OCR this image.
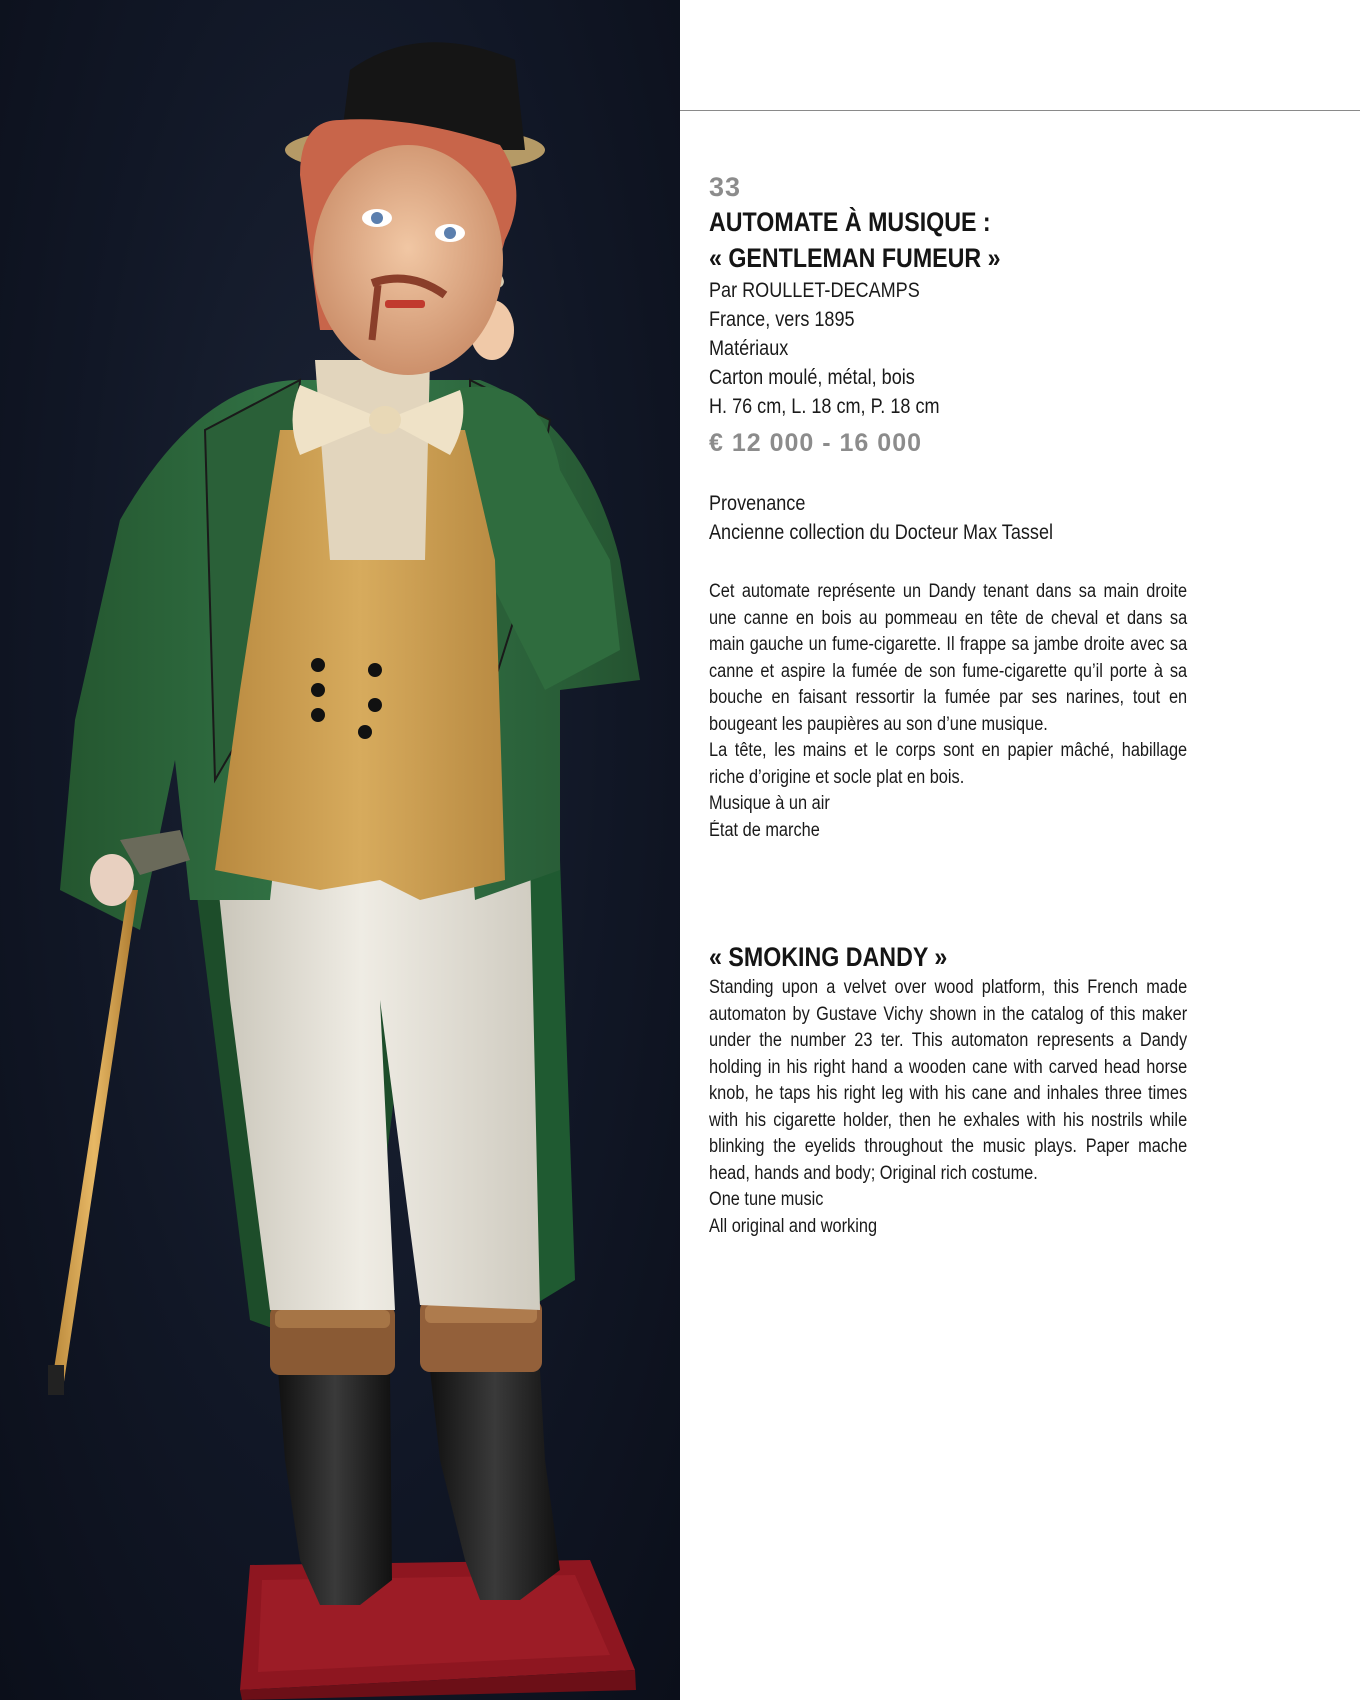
33
AUTOMATE À MUSIQUE :
« GENTLEMAN FUMEUR »
Par ROULLET-DECAMPS
France, vers 1895
Matériaux
Carton moulé, métal, bois
H. 76 cm, L. 18 cm, P. 18 cm
€ 12 000 - 16 000
Provenance
Ancienne collection du Docteur Max Tassel
Cet automate représente un Dandy tenant dans sa main droite une canne en bois au pommeau en tête de cheval et dans sa main gauche un fume-cigarette. Il frappe sa jambe droite avec sa canne et aspire la fumée de son fume-cigarette qu’il porte à sa bouche en faisant ressortir la fumée par ses narines, tout en bougeant les paupières au son d’une musique.
La tête, les mains et le corps sont en papier mâché, habillage riche d’origine et socle plat en bois.
Musique à un air
État de marche
« SMOKING DANDY »
Standing upon a velvet over wood platform, this French made automaton by Gustave Vichy shown in the catalog of this maker under the number 23 ter. This automaton represents a Dandy holding in his right hand a wooden cane with carved head horse knob, he taps his right leg with his cane and inhales three times with his cigarette holder, then he exhales with his nostrils while blinking the eyelids throughout the music plays. Paper mache head, hands and body; Original rich costume.
One tune music
All original and working
